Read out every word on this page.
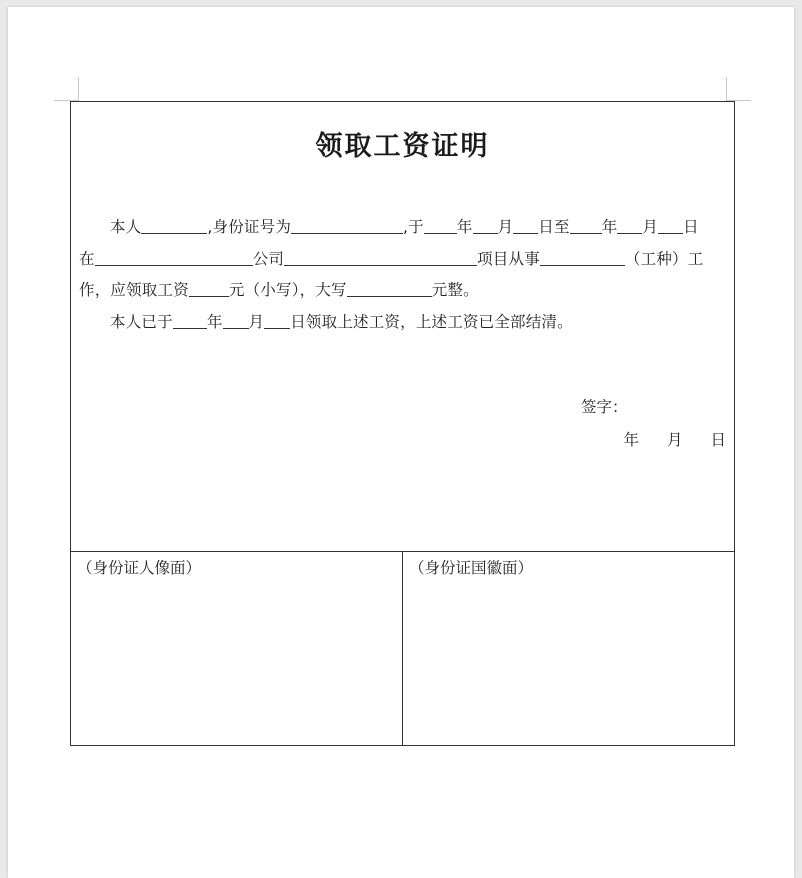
领取工资证明
本人	,身份证号为	,于 年 月 日至 年 月 日
在	公司	项目从事	（工种）工
作，应领取工资	元（小写），大写	元整。
本人已于 年 月 日领取上述工资，上述工资已全部结清。
签字：
年 月 日
（身份证人像面）	（身份证国徽面）
